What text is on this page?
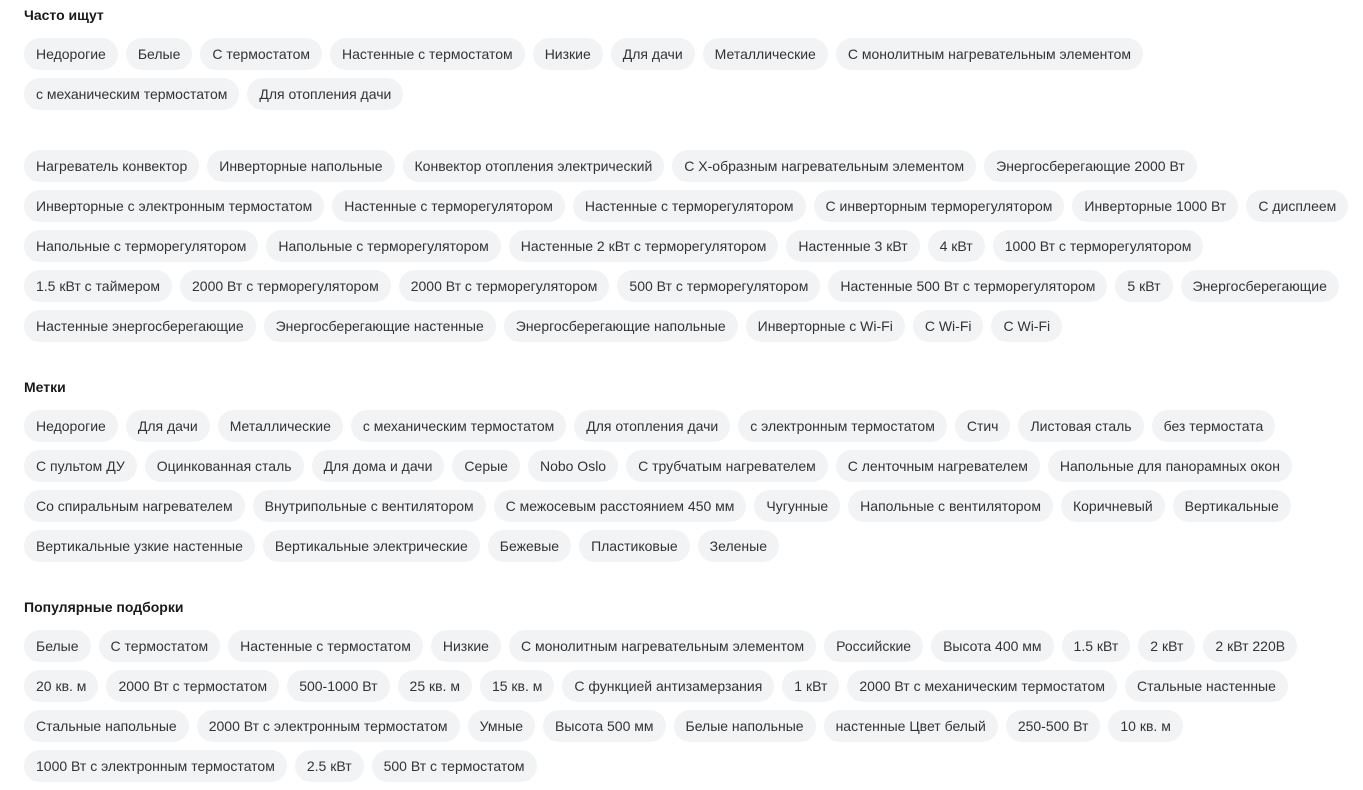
Часто ищут
Недорогие	Белые	С термостатом	Настенные с термостатом	Низкие	Для дачи	Металлические	С монолитным нагревательным элементом
с механическим термостатом	Для отопления дачи
Нагреватель конвектор	Инверторные напольные	Конвектор отопления электрический	С Х-образным нагревательным элементом	Энергосберегающие 2000 Вт
Инверторные с электронным термостатом	Настенные с терморегулятором	Настенные с терморегулятором	С инверторным терморегулятором	Инверторные 1000 Вт	С дисплеем
Напольные с терморегулятором	Напольные с терморегулятором	Настенные 2 кВт с терморегулятором	Настенные 3 кВт	4 кВт	1000 Вт с терморегулятором
1.5 кВт с таймером	2000 Вт с терморегулятором	2000 Вт с терморегулятором	500 Вт с терморегулятором	Настенные 500 Вт с терморегулятором	5 кВт	Энергосберегающие
Настенные энергосберегающие	Энергосберегающие настенные	Энергосберегающие напольные	Инверторные с Wi-Fi	С Wi-Fi	С Wi-Fi
Метки
Недорогие	Для дачи	Металлические	с механическим термостатом	Для отопления дачи	с электронным термостатом	Стич	Листовая сталь	без термостата
С пультом ДУ	Оцинкованная сталь	Для дома и дачи	Серые	Nobo Oslo	С трубчатым нагревателем	С ленточным нагревателем	Напольные для панорамных окон
Со спиральным нагревателем	Внутрипольные с вентилятором	С межосевым расстоянием 450 мм	Чугунные	Напольные с вентилятором	Коричневый	Вертикальные
Вертикальные узкие настенные	Вертикальные электрические	Бежевые	Пластиковые	Зеленые
Популярные подборки
Белые	С термостатом	Настенные с термостатом	Низкие	С монолитным нагревательным элементом	Российские	Высота 400 мм	1.5 кВт	2 кВт	2 кВт 220В
20 кв. м	2000 Вт с термостатом	500-1000 Вт	25 кв. м	15 кв. м	С функцией антизамерзания	1 кВт	2000 Вт с механическим термостатом	Стальные настенные
Стальные напольные	2000 Вт с электронным термостатом	Умные	Высота 500 мм	Белые напольные	настенные Цвет белый	250-500 Вт	10 кв. м
1000 Вт с электронным термостатом	2.5 кВт	500 Вт с термостатом
